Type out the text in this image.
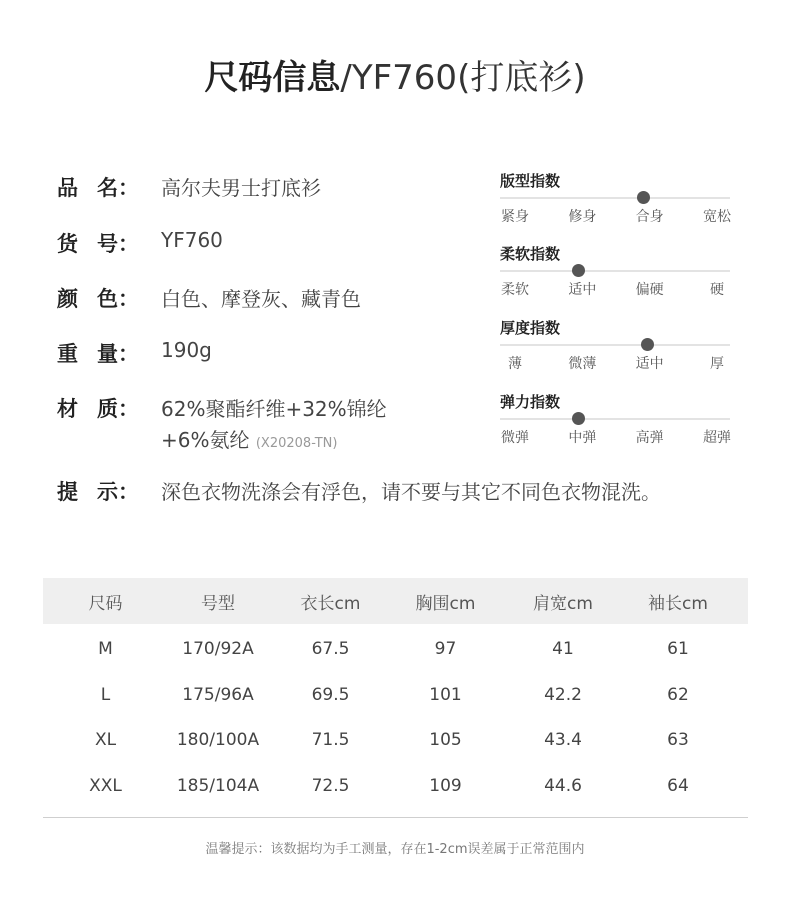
尺码信息/YF760(打底衫)
品 名： 高尔夫男士打底衫
货 号： YF760
颜 色： 白色、摩登灰、藏青色
重 量： 190g
材 质： 62%聚酯纤维+32%锦纶
+6%氨纶 (X20208-TN)
提 示： 深色衣物洗涤会有浮色，请不要与其它不同色衣物混洗。
版型指数
紧身	修身	合身	宽松
柔软指数
柔软	适中	偏硬	硬
厚度指数
薄	微薄	适中	厚
弹力指数
微弹	中弹	高弹	超弹
尺码	号型	衣长cm	胸围cm	肩宽cm	袖长cm
M	170/92A	67.5	97	41	61
L	175/96A	69.5	101	42.2	62
XL	180/100A	71.5	105	43.4	63
XXL	185/104A	72.5	109	44.6	64
温馨提示：该数据均为手工测量，存在1-2cm误差属于正常范围内
